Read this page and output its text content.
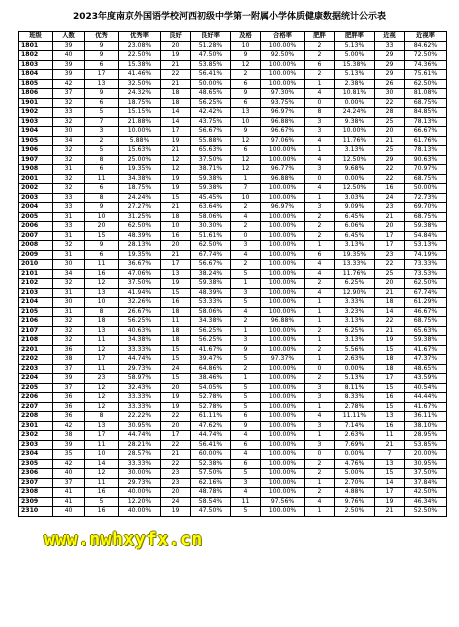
2023年度南京外国语学校河西初级中学第一附属小学体质健康数据统计公示表
班级	人数	优秀	优秀率	良好	良好率	及格	合格率	肥胖	肥胖率	近视	近视率
1801	39	9	23.08%	20	51.28%	10	100.00%	2	5.13%	33	84.62%
1802	40	9	22.50%	19	47.50%	9	92.50%	2	5.00%	29	72.50%
1803	39	6	15.38%	21	53.85%	12	100.00%	6	15.38%	29	74.36%
1804	39	17	41.46%	22	56.41%	2	100.00%	2	5.13%	29	75.61%
1805	42	13	32.50%	21	50.00%	6	100.00%	1	2.38%	26	62.50%
1806	37	9	24.32%	18	48.65%	9	97.30%	4	10.81%	30	81.08%
1901	32	6	18.75%	18	56.25%	6	93.75%	0	0.00%	22	68.75%
1902	33	5	15.15%	14	42.42%	13	96.97%	8	24.24%	28	84.85%
1903	32	7	21.88%	14	43.75%	10	96.88%	3	9.38%	25	78.13%
1904	30	3	10.00%	17	56.67%	9	96.67%	3	10.00%	20	66.67%
1905	34	2	5.88%	19	55.88%	12	97.06%	4	11.76%	21	61.76%
1906	32	5	15.63%	21	65.63%	6	100.00%	1	3.13%	25	78.13%
1907	32	8	25.00%	12	37.50%	12	100.00%	4	12.50%	29	90.63%
1908	31	6	19.35%	12	38.71%	12	96.77%	3	9.68%	22	70.97%
2001	32	11	34.38%	19	59.38%	1	96.88%	0	0.00%	22	68.75%
2002	32	6	18.75%	19	59.38%	7	100.00%	4	12.50%	16	50.00%
2003	33	8	24.24%	15	45.45%	10	100.00%	1	3.03%	24	72.73%
2004	33	9	27.27%	21	63.64%	2	96.97%	3	9.09%	23	69.70%
2005	31	10	31.25%	18	58.06%	4	100.00%	2	6.45%	21	68.75%
2006	33	20	62.50%	10	30.30%	2	100.00%	2	6.06%	20	59.38%
2007	31	15	48.39%	16	51.61%	0	100.00%	2	6.45%	17	54.84%
2008	32	9	28.13%	20	62.50%	3	100.00%	1	3.13%	17	53.13%
2009	31	6	19.35%	21	67.74%	4	100.00%	6	19.35%	23	74.19%
2010	30	11	36.67%	17	56.67%	2	100.00%	4	13.33%	22	73.33%
2101	34	16	47.06%	13	38.24%	5	100.00%	4	11.76%	25	73.53%
2102	32	12	37.50%	19	59.38%	1	100.00%	2	6.25%	20	62.50%
2103	31	13	41.94%	15	48.39%	3	100.00%	4	12.90%	21	67.74%
2104	30	10	32.26%	16	53.33%	5	100.00%	1	3.33%	18	61.29%
2105	31	8	26.67%	18	58.06%	4	100.00%	1	3.23%	14	46.67%
2106	32	18	56.25%	11	34.38%	2	96.88%	1	3.13%	22	68.75%
2107	32	13	40.63%	18	56.25%	1	100.00%	2	6.25%	21	65.63%
2108	32	11	34.38%	18	56.25%	3	100.00%	1	3.13%	19	59.38%
2201	36	12	33.33%	15	41.67%	9	100.00%	2	5.56%	15	41.67%
2202	38	17	44.74%	15	39.47%	5	97.37%	1	2.63%	18	47.37%
2203	37	11	29.73%	24	64.86%	2	100.00%	0	0.00%	18	48.65%
2204	39	23	58.97%	15	38.46%	1	100.00%	2	5.13%	17	43.59%
2205	37	12	32.43%	20	54.05%	5	100.00%	3	8.11%	15	40.54%
2206	36	12	33.33%	19	52.78%	5	100.00%	3	8.33%	16	44.44%
2207	36	12	33.33%	19	52.78%	5	100.00%	1	2.78%	15	41.67%
2208	36	8	22.22%	22	61.11%	6	100.00%	4	11.11%	13	36.11%
2301	42	13	30.95%	20	47.62%	9	100.00%	3	7.14%	16	38.10%
2302	38	17	44.74%	17	44.74%	4	100.00%	1	2.63%	11	28.95%
2303	39	11	28.21%	22	56.41%	6	100.00%	3	7.69%	21	53.85%
2304	35	10	28.57%	21	60.00%	4	100.00%	0	0.00%	7	20.00%
2305	42	14	33.33%	22	52.38%	6	100.00%	2	4.76%	13	30.95%
2306	40	12	30.00%	23	57.50%	5	100.00%	2	5.00%	15	37.50%
2307	37	11	29.73%	23	62.16%	3	100.00%	1	2.70%	14	37.84%
2308	41	16	40.00%	20	48.78%	4	100.00%	2	4.88%	17	42.50%
2309	41	5	12.20%	24	58.54%	11	97.56%	4	9.76%	19	46.34%
2310	40	16	40.00%	19	47.50%	5	100.00%	1	2.50%	21	52.50%
www.nwhxyfx.cn
